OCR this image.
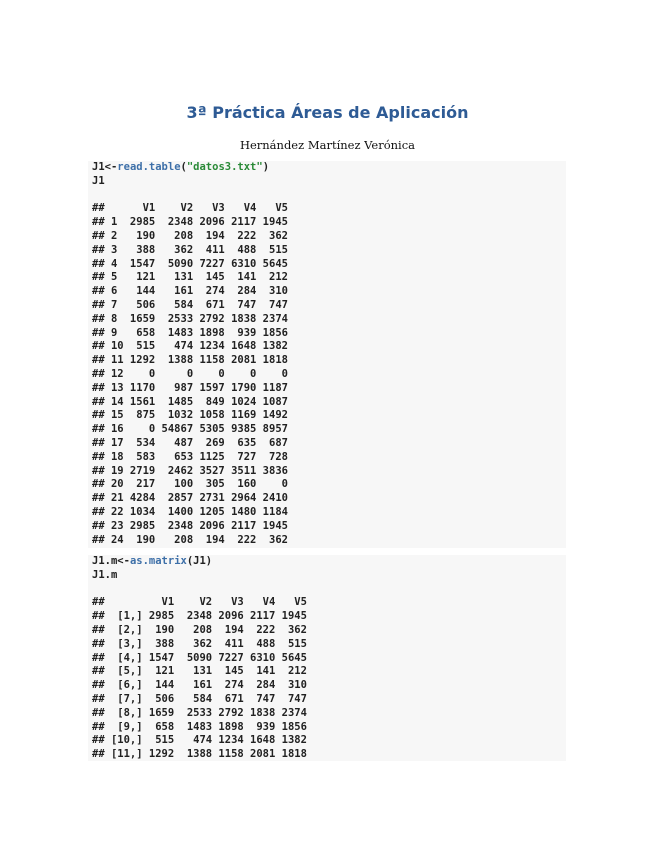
3ª Práctica Áreas de Aplicación
Hernández Martínez Verónica
J1<-read.table("datos3.txt")
J1
##      V1    V2   V3   V4   V5
## 1  2985  2348 2096 2117 1945
## 2   190   208  194  222  362
## 3   388   362  411  488  515
## 4  1547  5090 7227 6310 5645
## 5   121   131  145  141  212
## 6   144   161  274  284  310
## 7   506   584  671  747  747
## 8  1659  2533 2792 1838 2374
## 9   658  1483 1898  939 1856
## 10  515   474 1234 1648 1382
## 11 1292  1388 1158 2081 1818
## 12    0     0    0    0    0
## 13 1170   987 1597 1790 1187
## 14 1561  1485  849 1024 1087
## 15  875  1032 1058 1169 1492
## 16    0 54867 5305 9385 8957
## 17  534   487  269  635  687
## 18  583   653 1125  727  728
## 19 2719  2462 3527 3511 3836
## 20  217   100  305  160    0
## 21 4284  2857 2731 2964 2410
## 22 1034  1400 1205 1480 1184
## 23 2985  2348 2096 2117 1945
## 24  190   208  194  222  362
J1.m<-as.matrix(J1)
J1.m
##         V1    V2   V3   V4   V5
##  [1,] 2985  2348 2096 2117 1945
##  [2,]  190   208  194  222  362
##  [3,]  388   362  411  488  515
##  [4,] 1547  5090 7227 6310 5645
##  [5,]  121   131  145  141  212
##  [6,]  144   161  274  284  310
##  [7,]  506   584  671  747  747
##  [8,] 1659  2533 2792 1838 2374
##  [9,]  658  1483 1898  939 1856
## [10,]  515   474 1234 1648 1382
## [11,] 1292  1388 1158 2081 1818
